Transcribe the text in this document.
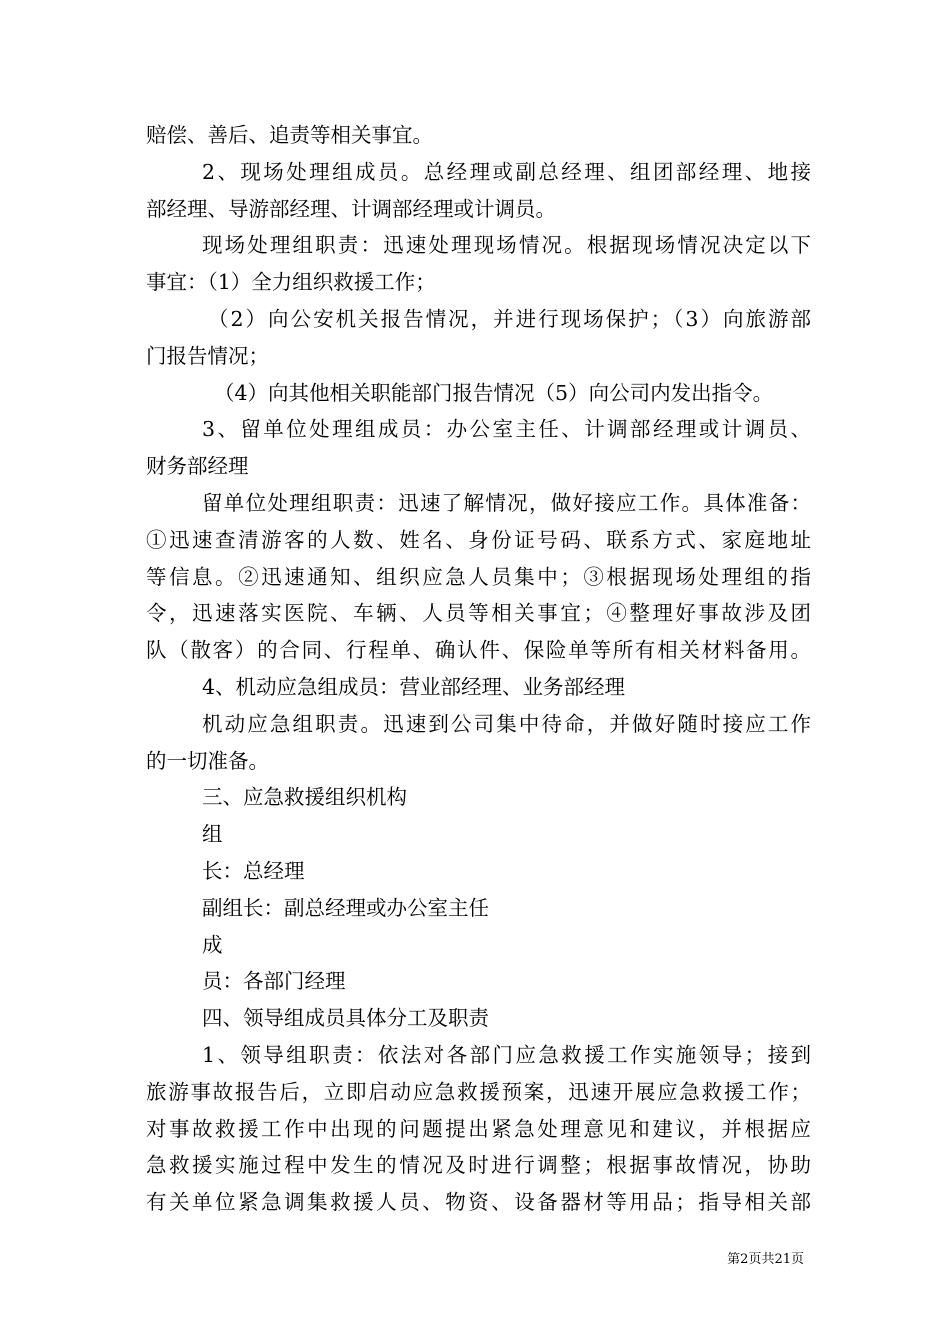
赔偿、善后、追责等相关事宜。
2、现场处理组成员。总经理或副总经理、组团部经理、地接
部经理、导游部经理、计调部经理或计调员。
现场处理组职责：迅速处理现场情况。根据现场情况决定以下
事宜：（1）全力组织救援工作；
（2）向公安机关报告情况，并进行现场保护；（3）向旅游部
门报告情况；
（4）向其他相关职能部门报告情况（5）向公司内发出指令。
3、留单位处理组成员：办公室主任、计调部经理或计调员、
财务部经理
留单位处理组职责：迅速了解情况，做好接应工作。具体准备：
①迅速查清游客的人数、姓名、身份证号码、联系方式、家庭地址
等信息。②迅速通知、组织应急人员集中；③根据现场处理组的指
令，迅速落实医院、车辆、人员等相关事宜；④整理好事故涉及团
队（散客）的合同、行程单、确认件、保险单等所有相关材料备用。
4、机动应急组成员：营业部经理、业务部经理
机动应急组职责。迅速到公司集中待命，并做好随时接应工作
的一切准备。
三、应急救援组织机构
组
长：总经理
副组长：副总经理或办公室主任
成
员：各部门经理
四、领导组成员具体分工及职责
1、领导组职责：依法对各部门应急救援工作实施领导；接到
旅游事故报告后，立即启动应急救援预案，迅速开展应急救援工作；
对事故救援工作中出现的问题提出紧急处理意见和建议，并根据应
急救援实施过程中发生的情况及时进行调整；根据事故情况，协助
有关单位紧急调集救援人员、物资、设备器材等用品；指导相关部
第2页共21页
